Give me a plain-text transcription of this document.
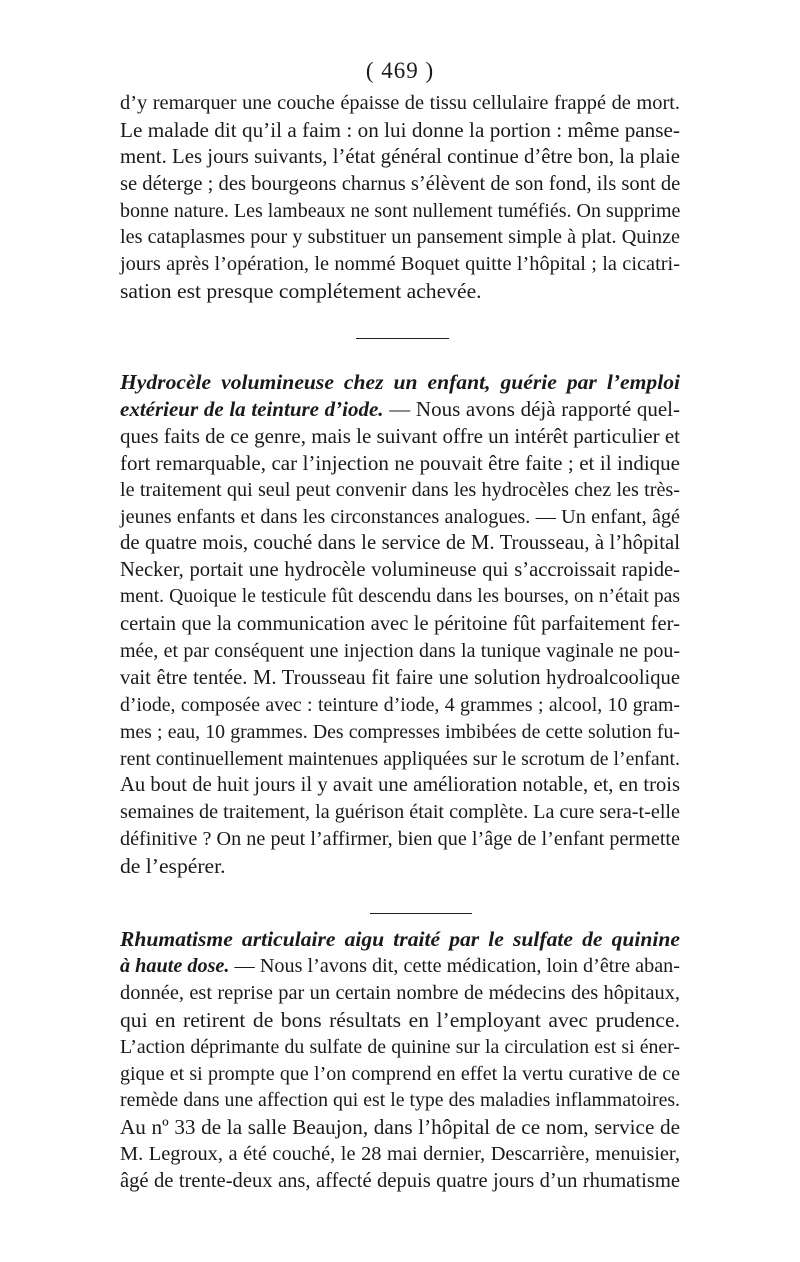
( 469 )
d’y remarquer une couche épaisse de tissu cellulaire frappé de mort.
Le malade dit qu’il a faim : on lui donne la portion : même panse-
ment. Les jours suivants, l’état général continue d’être bon, la plaie
se déterge ; des bourgeons charnus s’élèvent de son fond, ils sont de
bonne nature. Les lambeaux ne sont nullement tuméfiés. On supprime
les cataplasmes pour y substituer un pansement simple à plat. Quinze
jours après l’opération, le nommé Boquet quitte l’hôpital ; la cicatri-
sation est presque complétement achevée.
Hydrocèle volumineuse chez un enfant, guérie par l’emploi
extérieur de la teinture d’iode. — Nous avons déjà rapporté quel-
ques faits de ce genre, mais le suivant offre un intérêt particulier et
fort remarquable, car l’injection ne pouvait être faite ; et il indique
le traitement qui seul peut convenir dans les hydrocèles chez les très-
jeunes enfants et dans les circonstances analogues. — Un enfant, âgé
de quatre mois, couché dans le service de M. Trousseau, à l’hôpital
Necker, portait une hydrocèle volumineuse qui s’accroissait rapide-
ment. Quoique le testicule fût descendu dans les bourses, on n’était pas
certain que la communication avec le péritoine fût parfaitement fer-
mée, et par conséquent une injection dans la tunique vaginale ne pou-
vait être tentée. M. Trousseau fit faire une solution hydroalcoolique
d’iode, composée avec : teinture d’iode, 4 grammes ; alcool, 10 gram-
mes ; eau, 10 grammes. Des compresses imbibées de cette solution fu-
rent continuellement maintenues appliquées sur le scrotum de l’enfant.
Au bout de huit jours il y avait une amélioration notable, et, en trois
semaines de traitement, la guérison était complète. La cure sera-t-elle
définitive ? On ne peut l’affirmer, bien que l’âge de l’enfant permette
de l’espérer.
Rhumatisme articulaire aigu traité par le sulfate de quinine
à haute dose. — Nous l’avons dit, cette médication, loin d’être aban-
donnée, est reprise par un certain nombre de médecins des hôpitaux,
qui en retirent de bons résultats en l’employant avec prudence.
L’action déprimante du sulfate de quinine sur la circulation est si éner-
gique et si prompte que l’on comprend en effet la vertu curative de ce
remède dans une affection qui est le type des maladies inflammatoires.
Au nº 33 de la salle Beaujon, dans l’hôpital de ce nom, service de
M. Legroux, a été couché, le 28 mai dernier, Descarrière, menuisier,
âgé de trente-deux ans, affecté depuis quatre jours d’un rhumatisme
